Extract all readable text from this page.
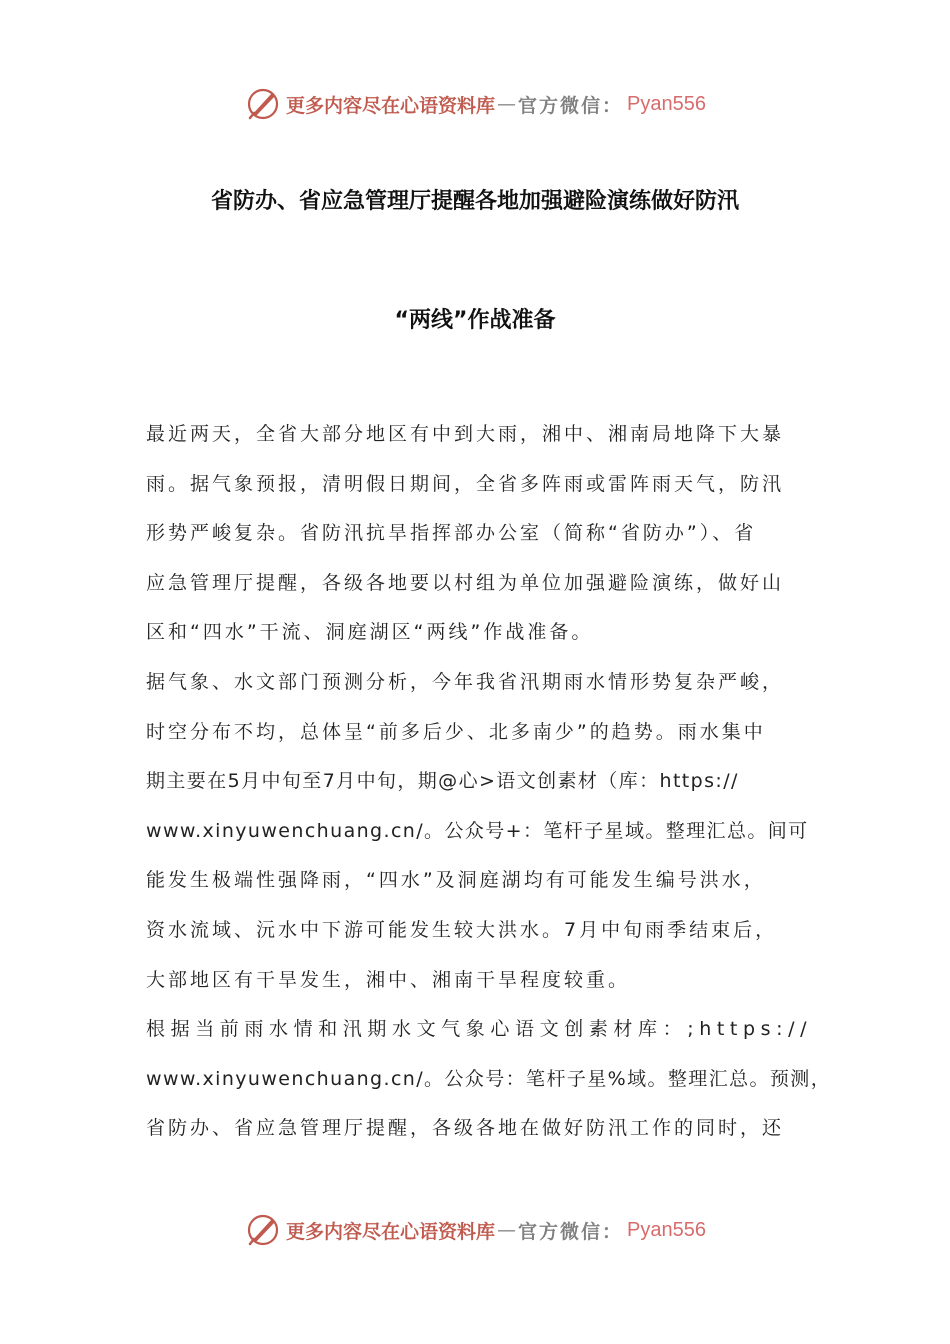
更多内容尽在心语资料库 — 官方微信： Pyan556
省防办、省应急管理厅提醒各地加强避险演练做好防汛
“两线”作战准备
最近两天，全省大部分地区有中到大雨，湘中、湘南局地降下大暴
雨。据气象预报，清明假日期间，全省多阵雨或雷阵雨天气，防汛
形势严峻复杂。省防汛抗旱指挥部办公室（简称“省防办”）、省
应急管理厅提醒，各级各地要以村组为单位加强避险演练，做好山
区和“四水”干流、洞庭湖区“两线”作战准备。
据气象、水文部门预测分析，今年我省汛期雨水情形势复杂严峻，
时空分布不均，总体呈“前多后少、北多南少”的趋势。雨水集中
期主要在5月中旬至7月中旬，期@心>语文创素材（库：https://
www.xinyuwenchuang.cn/。公众号+：笔杆子星域。整理汇总。间可
能发生极端性强降雨，“四水”及洞庭湖均有可能发生编号洪水，
资水流域、沅水中下游可能发生较大洪水。7月中旬雨季结束后，
大部地区有干旱发生，湘中、湘南干旱程度较重。
根据当前雨水情和汛期水文气象心语文创素材库：;https://
www.xinyuwenchuang.cn/。公众号：笔杆子星%域。整理汇总。预测，
省防办、省应急管理厅提醒，各级各地在做好防汛工作的同时，还
更多内容尽在心语资料库 — 官方微信： Pyan556
